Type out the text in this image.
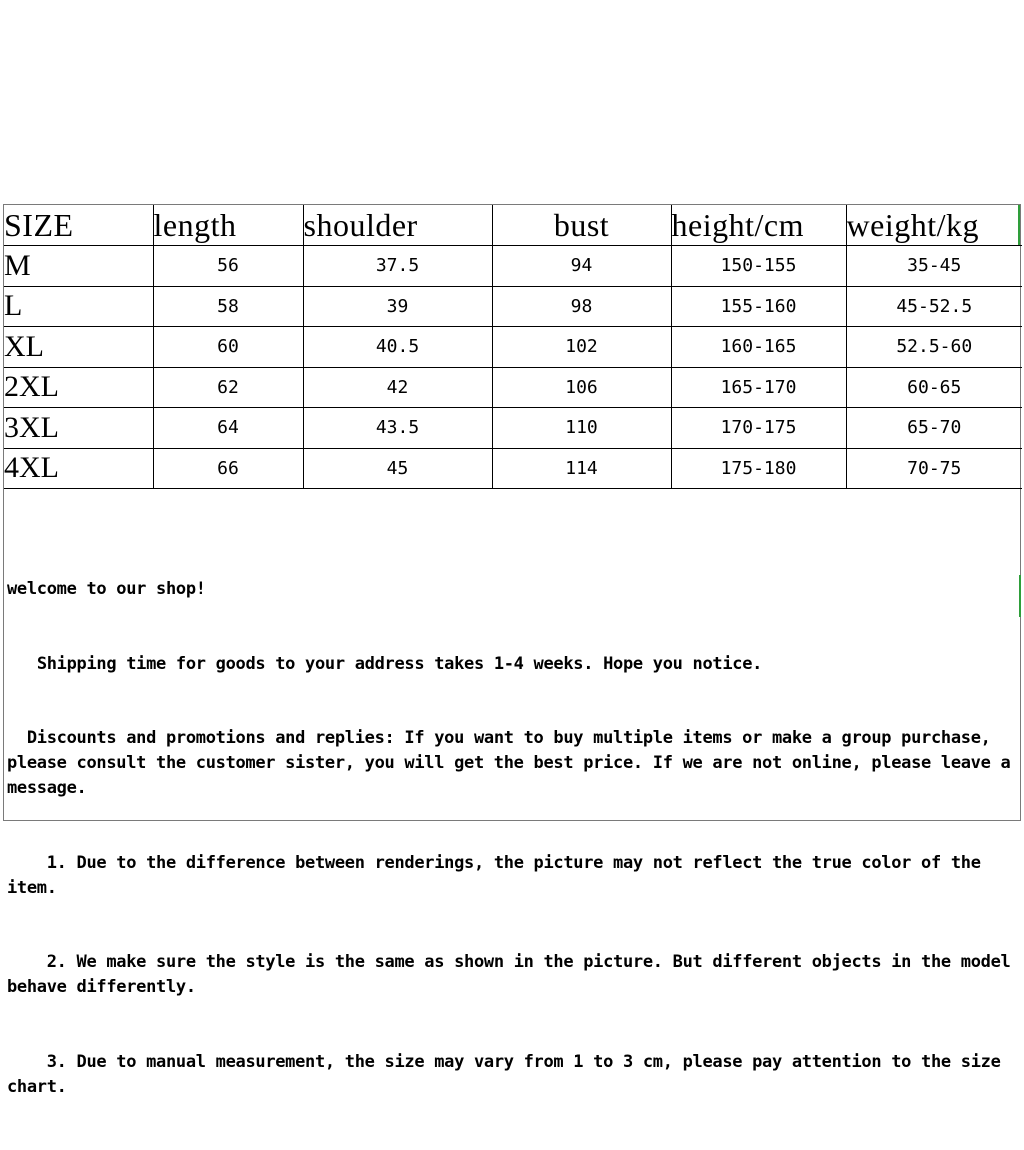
SIZE	length	shoulder	bust	height/cm	weight/kg
M	56	37.5	94	150-155	35-45
L	58	39	98	155-160	45-52.5
XL	60	40.5	102	160-165	52.5-60
2XL	62	42	106	165-170	60-65
3XL	64	43.5	110	170-175	65-70
4XL	66	45	114	175-180	70-75

welcome to our shop!

Shipping time for goods to your address takes 1-4 weeks. Hope you notice.

Discounts and promotions and replies: If you want to buy multiple items or make a group purchase, please consult the customer sister, you will get the best price. If we are not online, please leave a message.

1. Due to the difference between renderings, the picture may not reflect the true color of the item.

2. We make sure the style is the same as shown in the picture. But different objects in the model behave differently.

3. Due to manual measurement, the size may vary from 1 to 3 cm, please pay attention to the size chart.
